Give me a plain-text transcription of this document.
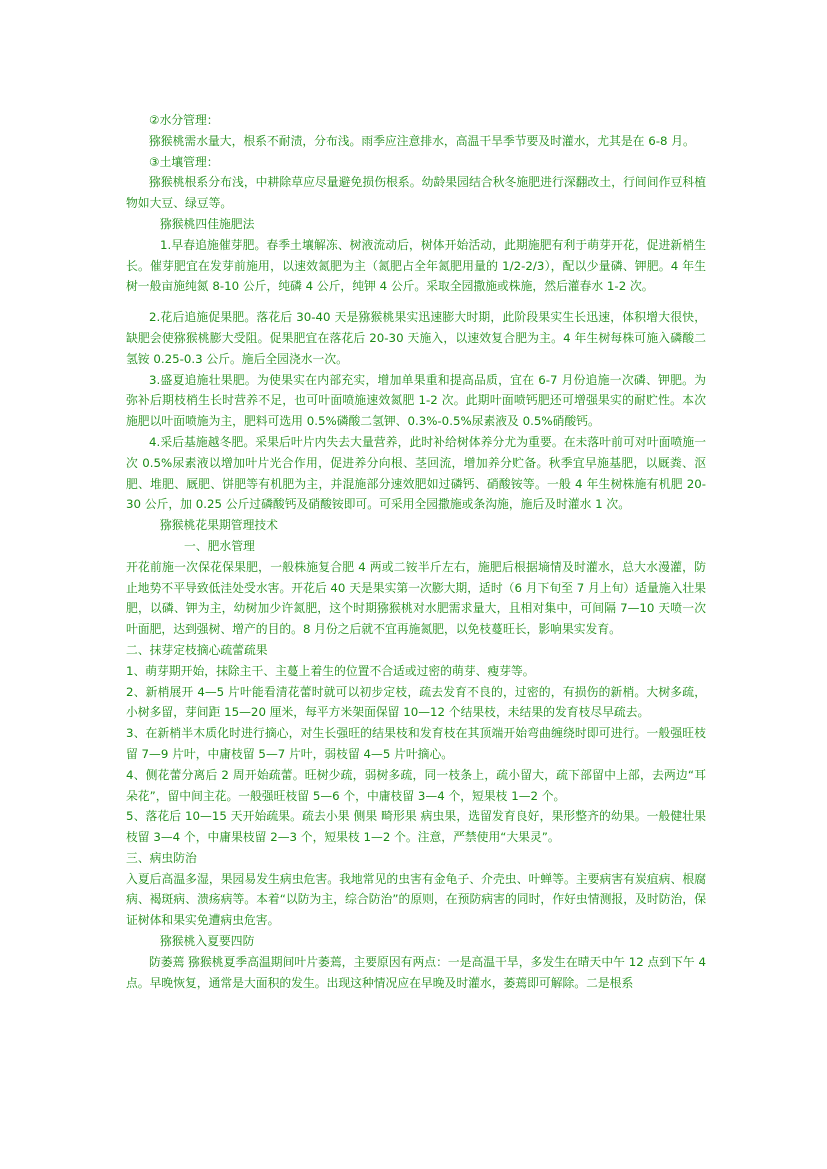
②水分管理：

猕猴桃需水量大，根系不耐渍，分布浅。雨季应注意排水，高温干旱季节要及时灌水，尤其是在 6-8 月。

③土壤管理：

猕猴桃根系分布浅，中耕除草应尽量避免损伤根系。幼龄果园结合秋冬施肥进行深翻改土，行间间作豆科植物如大豆、绿豆等。

猕猴桃四佳施肥法

1.早春追施催芽肥。春季土壤解冻、树液流动后，树体开始活动，此期施肥有利于萌芽开花，促进新梢生长。催芽肥宜在发芽前施用，以速效氮肥为主（氮肥占全年氮肥用量的 1/2-2/3），配以少量磷、钾肥。4 年生树一般亩施纯氮 8-10 公斤，纯磷 4 公斤，纯钾 4 公斤。采取全园撒施或株施，然后灌春水 1-2 次。

2.花后追施促果肥。落花后 30-40 天是猕猴桃果实迅速膨大时期，此阶段果实生长迅速，体积增大很快，缺肥会使猕猴桃膨大受阻。促果肥宜在落花后 20-30 天施入，以速效复合肥为主。4 年生树每株可施入磷酸二氢铵 0.25-0.3 公斤。施后全园浇水一次。

3.盛夏追施壮果肥。为使果实在内部充实，增加单果重和提高品质，宜在 6-7 月份追施一次磷、钾肥。为弥补后期枝梢生长时营养不足，也可叶面喷施速效氮肥 1-2 次。此期叶面喷钙肥还可增强果实的耐贮性。本次施肥以叶面喷施为主，肥料可选用 0.5%磷酸二氢钾、0.3%-0.5%尿素液及 0.5%硝酸钙。

4.采后基施越冬肥。采果后叶片内失去大量营养，此时补给树体养分尤为重要。在未落叶前可对叶面喷施一次 0.5%尿素液以增加叶片光合作用，促进养分向根、茎回流，增加养分贮备。秋季宜早施基肥，以厩粪、沤肥、堆肥、厩肥、饼肥等有机肥为主，并混施部分速效肥如过磷钙、硝酸铵等。一般 4 年生树株施有机肥 20-30 公斤，加 0.25 公斤过磷酸钙及硝酸铵即可。可采用全园撒施或条沟施，施后及时灌水 1 次。

猕猴桃花果期管理技术

一、肥水管理

开花前施一次保花保果肥，一般株施复合肥 4 两或二铵半斤左右，施肥后根据墒情及时灌水，总大水漫灌，防止地势不平导致低洼处受水害。开花后 40 天是果实第一次膨大期，适时（6 月下旬至 7 月上旬）适量施入壮果肥，以磷、钾为主，幼树加少许氮肥，这个时期猕猴桃对水肥需求量大，且相对集中，可间隔 7—10 天喷一次叶面肥，达到强树、增产的目的。8 月份之后就不宜再施氮肥，以免枝蔓旺长，影响果实发育。

二、抹芽定枝摘心疏蕾疏果

1、萌芽期开始，抹除主干、主蔓上着生的位置不合适或过密的萌芽、瘦芽等。

2、新梢展开 4—5 片叶能看清花蕾时就可以初步定枝，疏去发育不良的，过密的，有损伤的新梢。大树多疏，小树多留，芽间距 15—20 厘米，每平方米架面保留 10—12 个结果枝，未结果的发育枝尽早疏去。

3、在新梢半木质化时进行摘心，对生长强旺的结果枝和发育枝在其顶端开始弯曲缠绕时即可进行。一般强旺枝留 7—9 片叶，中庸枝留 5—7 片叶，弱枝留 4—5 片叶摘心。

4、侧花蕾分离后 2 周开始疏蕾。旺树少疏，弱树多疏，同一枝条上，疏小留大，疏下部留中上部，去两边“耳朵花”，留中间主花。一般强旺枝留 5—6 个，中庸枝留 3—4 个，短果枝 1—2 个。

5、落花后 10—15 天开始疏果。疏去小果 侧果 畸形果 病虫果，选留发育良好，果形整齐的幼果。一般健壮果枝留 3—4 个，中庸果枝留 2—3 个，短果枝 1—2 个。注意，严禁使用“大果灵”。

三、病虫防治

入夏后高温多湿，果园易发生病虫危害。我地常见的虫害有金龟子、介壳虫、叶蝉等。主要病害有炭疽病、根腐病、褐斑病、溃疡病等。本着“以防为主，综合防治”的原则，在预防病害的同时，作好虫情测报，及时防治，保证树体和果实免遭病虫危害。

猕猴桃入夏要四防

防萎蔫 猕猴桃夏季高温期间叶片萎蔫，主要原因有两点：一是高温干旱，多发生在晴天中午 12 点到下午 4 点。早晚恢复，通常是大面积的发生。出现这种情况应在早晚及时灌水，萎蔫即可解除。二是根系
